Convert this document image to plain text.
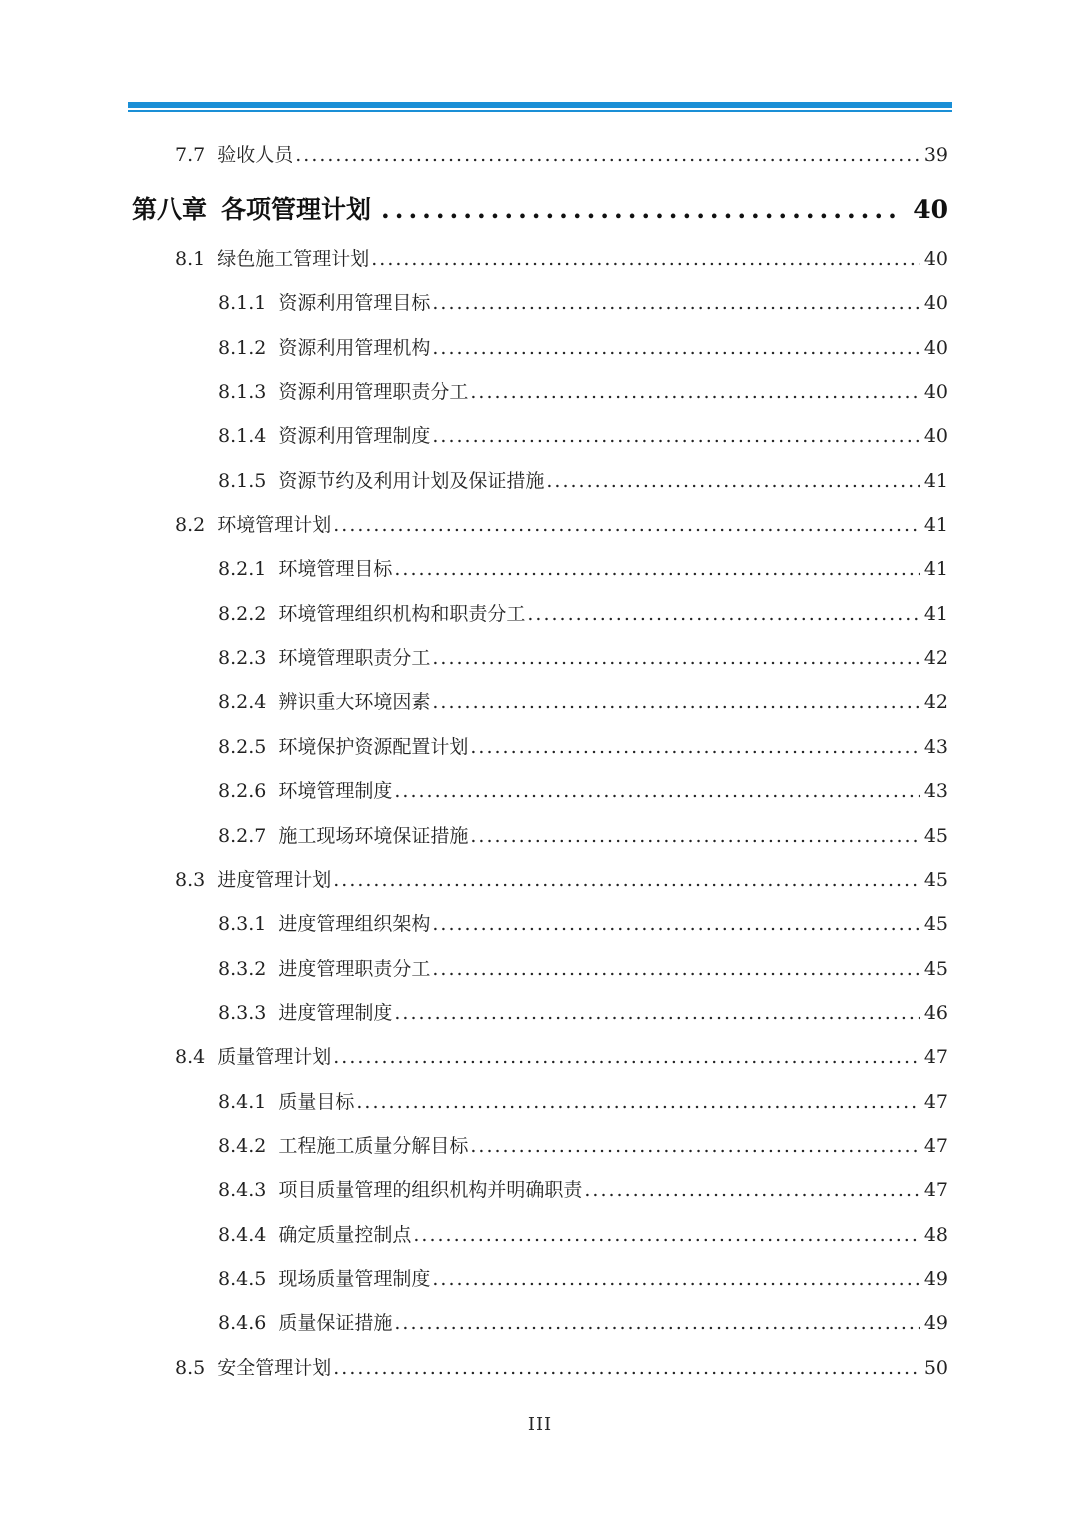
7.7 验收人员 .....	39
第八章 各项管理计划 .....	40
8.1 绿色施工管理计划 .....	40
8.1.1 资源利用管理目标 .....	40
8.1.2 资源利用管理机构 .....	40
8.1.3 资源利用管理职责分工 .....	40
8.1.4 资源利用管理制度 .....	40
8.1.5 资源节约及利用计划及保证措施 .....	41
8.2 环境管理计划 .....	41
8.2.1 环境管理目标 .....	41
8.2.2 环境管理组织机构和职责分工 .....	41
8.2.3 环境管理职责分工 .....	42
8.2.4 辨识重大环境因素 .....	42
8.2.5 环境保护资源配置计划 .....	43
8.2.6 环境管理制度 .....	43
8.2.7 施工现场环境保证措施 .....	45
8.3 进度管理计划 .....	45
8.3.1 进度管理组织架构 .....	45
8.3.2 进度管理职责分工 .....	45
8.3.3 进度管理制度 .....	46
8.4 质量管理计划 .....	47
8.4.1 质量目标 .....	47
8.4.2 工程施工质量分解目标 .....	47
8.4.3 项目质量管理的组织机构并明确职责 .....	47
8.4.4 确定质量控制点 .....	48
8.4.5 现场质量管理制度 .....	49
8.4.6 质量保证措施 .....	49
8.5 安全管理计划 .....	50
III
